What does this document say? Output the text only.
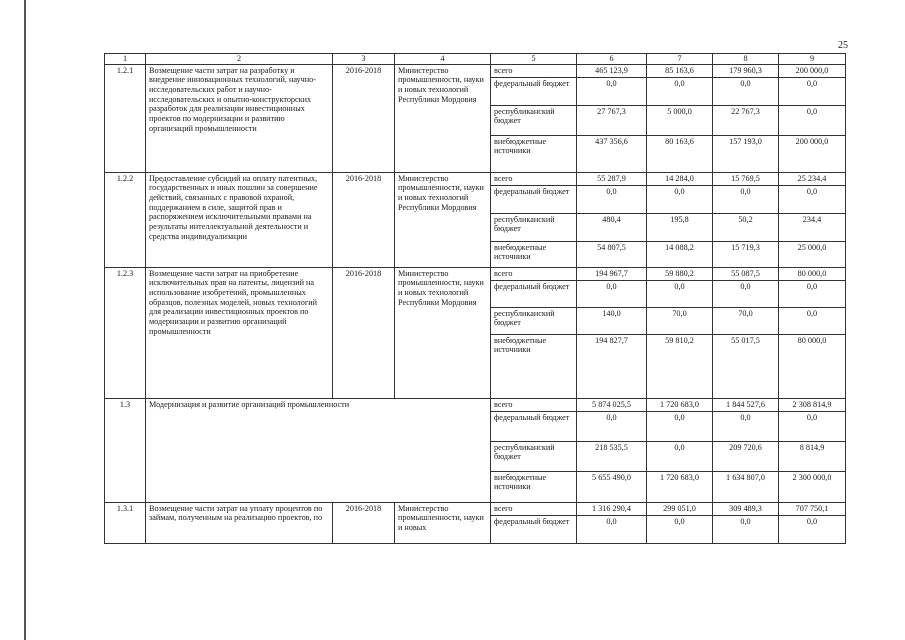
25
1	2	3	4	5	6	7	8	9
1.2.1	Возмещение части затрат на разработку и внедрение инновационных технологий, научно-исследовательских работ и научно-исследовательских и опытно-конструкторских разработок для реализации инвестиционных проектов по модернизации и развитию организаций промышленности	2016-2018	Министерство промышленности, науки и новых технологий Республики Мордовия	всего	465 123,9	85 163,6	179 960,3	200 000,0
				федеральный бюджет	0,0	0,0	0,0	0,0
				республиканский бюджет	27 767,3	5 000,0	22 767,3	0,0
				внебюджетные источники	437 356,6	80 163,6	157 193,0	200 000,0
1.2.2	Предоставление субсидий на оплату патентных, государственных и иных пошлин за совершение действий, связанных с правовой охраной, поддержанием в силе, защитой прав и распоряжением исключительными правами на результаты интеллектуальной деятельности и средства индивидуализации	2016-2018	Министерство промышленности, науки и новых технологий Республики Мордовия	всего	55 287,9	14 284,0	15 769,5	25 234,4
				федеральный бюджет	0,0	0,0	0,0	0,0
				республиканский бюджет	480,4	195,8	50,2	234,4
				внебюджетные источники	54 807,5	14 088,2	15 719,3	25 000,0
1.2.3	Возмещение части затрат на приобретение исключительных прав на патенты, лицензий на использование изобретений, промышленных образцов, полезных моделей, новых технологий для реализации инвестиционных проектов по модернизации и развитию организаций промышленности	2016-2018	Министерство промышленности, науки и новых технологий Республики Мордовия	всего	194 967,7	59 880,2	55 087,5	80 000,0
				федеральный бюджет	0,0	0,0	0,0	0,0
				республиканский бюджет	140,0	70,0	70,0	0,0
				внебюджетные источники	194 827,7	59 810,2	55 017,5	80 000,0
1.3	Модернизация и развитие организаций промышленности			всего	5 874 025,5	1 720 683,0	1 844 527,6	2 308 814,9
				федеральный бюджет	0,0	0,0	0,0	0,0
				республиканский бюджет	218 535,5	0,0	209 720,6	8 814,9
				внебюджетные источники	5 655 490,0	1 720 683,0	1 634 807,0	2 300 000,0
1.3.1	Возмещение части затрат на уплату процентов по займам, полученным на реализацию проектов, по	2016-2018	Министерство промышленности, науки и новых	всего	1 316 290,4	299 051,0	309 489,3	707 750,1
				федеральный бюджет	0,0	0,0	0,0	0,0
